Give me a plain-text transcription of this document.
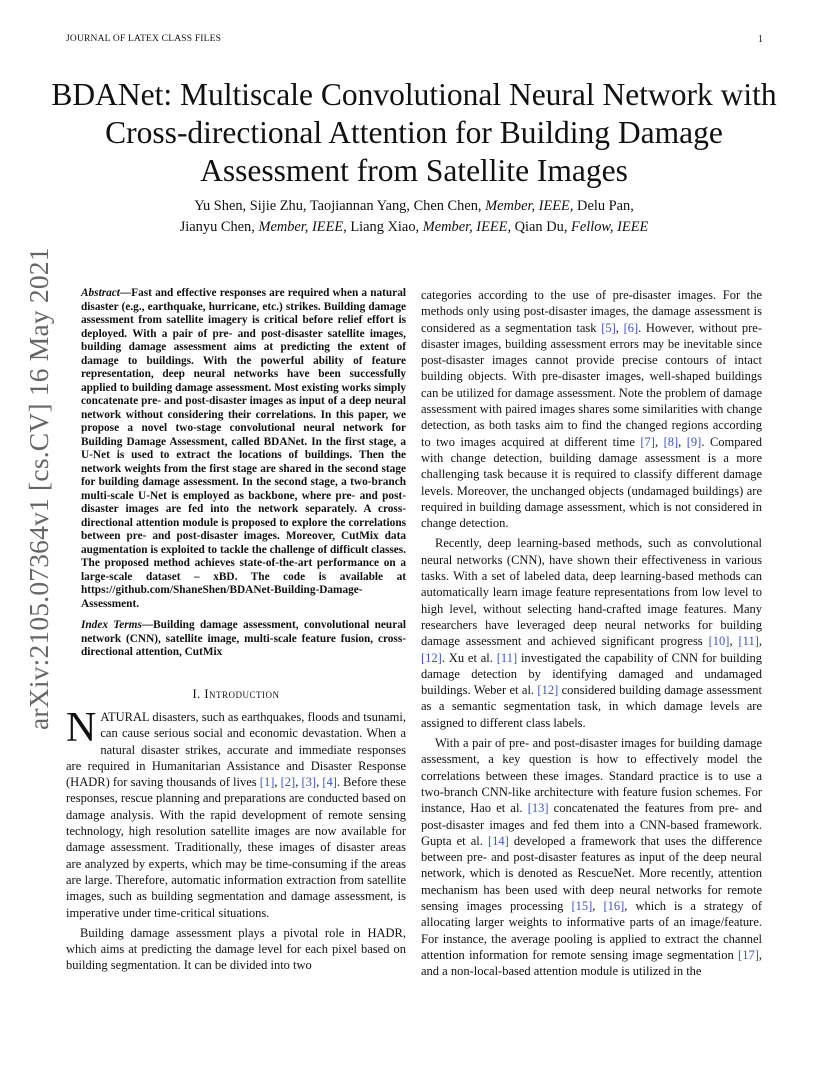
JOURNAL OF LATEX CLASS FILES	1
BDANet: Multiscale Convolutional Neural Network with Cross-directional Attention for Building Damage Assessment from Satellite Images
Yu Shen, Sijie Zhu, Taojiannan Yang, Chen Chen, Member, IEEE, Delu Pan,
Jianyu Chen, Member, IEEE, Liang Xiao, Member, IEEE, Qian Du, Fellow, IEEE
arXiv:2105.07364v1 [cs.CV] 16 May 2021 Abstract—Fast and effective responses are required when a natural disaster (e.g., earthquake, hurricane, etc.) strikes. Building damage assessment from satellite imagery is critical before relief effort is deployed. With a pair of pre- and post-disaster satellite images, building damage assessment aims at predicting the extent of damage to buildings. With the powerful ability of feature representation, deep neural networks have been successfully applied to building damage assessment. Most existing works simply concatenate pre- and post-disaster images as input of a deep neural network without considering their correlations. In this paper, we propose a novel two-stage convolutional neural network for Building Damage Assessment, called BDANet. In the first stage, a U-Net is used to extract the locations of buildings. Then the network weights from the first stage are shared in the second stage for building damage assessment. In the second stage, a two-branch multi-scale U-Net is employed as backbone, where pre- and post-disaster images are fed into the network separately. A cross-directional attention module is proposed to explore the correlations between pre- and post-disaster images. Moreover, CutMix data augmentation is exploited to tackle the challenge of difficult classes. The proposed method achieves state-of-the-art performance on a large-scale dataset – xBD. The code is available at https://github.com/ShaneShen/BDANet-Building-Damage-Assessment.
Index Terms—Building damage assessment, convolutional neural network (CNN), satellite image, multi-scale feature fusion, cross-directional attention, CutMix
I. Introduction

NATURAL disasters, such as earthquakes, floods and tsunami, can cause serious social and economic devastation. When a natural disaster strikes, accurate and immediate responses are required in Humanitarian Assistance and Disaster Response (HADR) for saving thousands of lives [1], [2], [3], [4]. Before these responses, rescue planning and preparations are conducted based on damage analysis. With the rapid development of remote sensing technology, high resolution satellite images are now available for damage assessment. Traditionally, these images of disaster areas are analyzed by experts, which may be time-consuming if the areas are large. Therefore, automatic information extraction from satellite images, such as building segmentation and damage assessment, is imperative under time-critical situations.

Building damage assessment plays a pivotal role in HADR, which aims at predicting the damage level for each pixel based on building segmentation. It can be divided into two

categories according to the use of pre-disaster images. For the methods only using post-disaster images, the damage assessment is considered as a segmentation task [5], [6]. However, without pre-disaster images, building assessment errors may be inevitable since post-disaster images cannot provide precise contours of intact building objects. With pre-disaster images, well-shaped buildings can be utilized for damage assessment. Note the problem of damage assessment with paired images shares some similarities with change detection, as both tasks aim to find the changed regions according to two images acquired at different time [7], [8], [9]. Compared with change detection, building damage assessment is a more challenging task because it is required to classify different damage levels. Moreover, the unchanged objects (undamaged buildings) are required in building damage assessment, which is not considered in change detection.

Recently, deep learning-based methods, such as convolutional neural networks (CNN), have shown their effectiveness in various tasks. With a set of labeled data, deep learning-based methods can automatically learn image feature representations from low level to high level, without selecting hand-crafted image features. Many researchers have leveraged deep neural networks for building damage assessment and achieved significant progress [10], [11], [12]. Xu et al. [11] investigated the capability of CNN for building damage detection by identifying damaged and undamaged buildings. Weber et al. [12] considered building damage assessment as a semantic segmentation task, in which damage levels are assigned to different class labels.

With a pair of pre- and post-disaster images for building damage assessment, a key question is how to effectively model the correlations between these images. Standard practice is to use a two-branch CNN-like architecture with feature fusion schemes. For instance, Hao et al. [13] concatenated the features from pre- and post-disaster images and fed them into a CNN-based framework. Gupta et al. [14] developed a framework that uses the difference between pre- and post-disaster features as input of the deep neural network, which is denoted as RescueNet. More recently, attention mechanism has been used with deep neural networks for remote sensing images processing [15], [16], which is a strategy of allocating larger weights to informative parts of an image/feature. For instance, the average pooling is applied to extract the channel attention information for remote sensing image segmentation [17], and a non-local-based attention module is utilized in the
